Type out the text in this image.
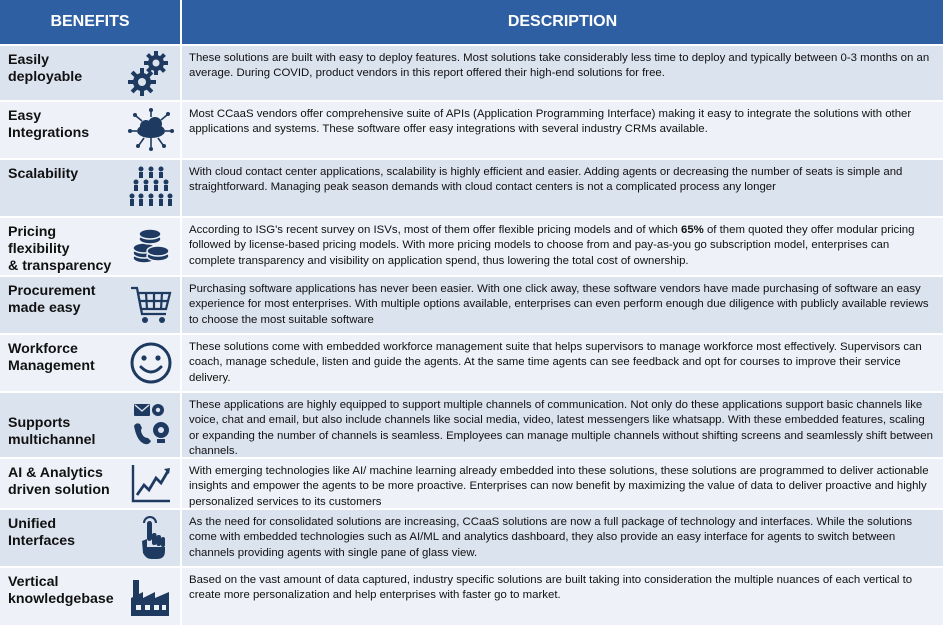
BENEFITS	DESCRIPTION
Easily
deployable
These solutions are built with easy to deploy features. Most solutions take considerably less time to deploy and typically between 0-3 months on an average. During COVID, product vendors in this report offered their high-end solutions for free.
Easy
Integrations
Most CCaaS vendors offer comprehensive suite of APIs (Application Programming Interface) making it easy to integrate the solutions with other applications and systems. These software offer easy integrations with several industry CRMs available.
Scalability	With cloud contact center applications, scalability is highly efficient and easier. Adding agents or decreasing the number of seats is simple and straightforward. Managing peak season demands with cloud contact centers is not a complicated process any longer
Pricing
flexibility
& transparency
According to ISG's recent survey on ISVs, most of them offer flexible pricing models and of which 65% of them quoted they offer modular pricing followed by license-based pricing models. With more pricing models to choose from and pay-as-you go subscription model, enterprises can complete transparency and visibility on application spend, thus lowering the total cost of ownership.
Procurement
made easy
Purchasing software applications has never been easier. With one click away, these software vendors have made purchasing of software an easy experience for most enterprises. With multiple options available, enterprises can even perform enough due diligence with publicly available reviews to choose the most suitable software
Workforce
Management
These solutions come with embedded workforce management suite that helps supervisors to manage workforce most effectively. Supervisors can coach, manage schedule, listen and guide the agents. At the same time agents can see feedback and opt for courses to improve their service delivery.
Supports
multichannel
These applications are highly equipped to support multiple channels of communication. Not only do these applications support basic channels like voice, chat and email, but also include channels like social media, video, latest messengers like whatsapp. With these embedded features, scaling or expanding the number of channels is seamless. Employees can manage multiple channels without shifting screens and seamlessly shift between channels.
AI & Analytics
driven solution
With emerging technologies like AI/ machine learning already embedded into these solutions, these solutions are programmed to deliver actionable insights and empower the agents to be more proactive. Enterprises can now benefit by maximizing the value of data to deliver proactive and highly personalized services to its customers
Unified
Interfaces
As the need for consolidated solutions are increasing, CCaaS solutions are now a full package of technology and interfaces. While the solutions come with embedded technologies such as AI/ML and analytics dashboard, they also provide an easy interface for agents to switch between channels providing agents with single pane of glass view.
Vertical
knowledgebase
Based on the vast amount of data captured, industry specific solutions are built taking into consideration the multiple nuances of each vertical to create more personalization and help enterprises with faster go to market.
